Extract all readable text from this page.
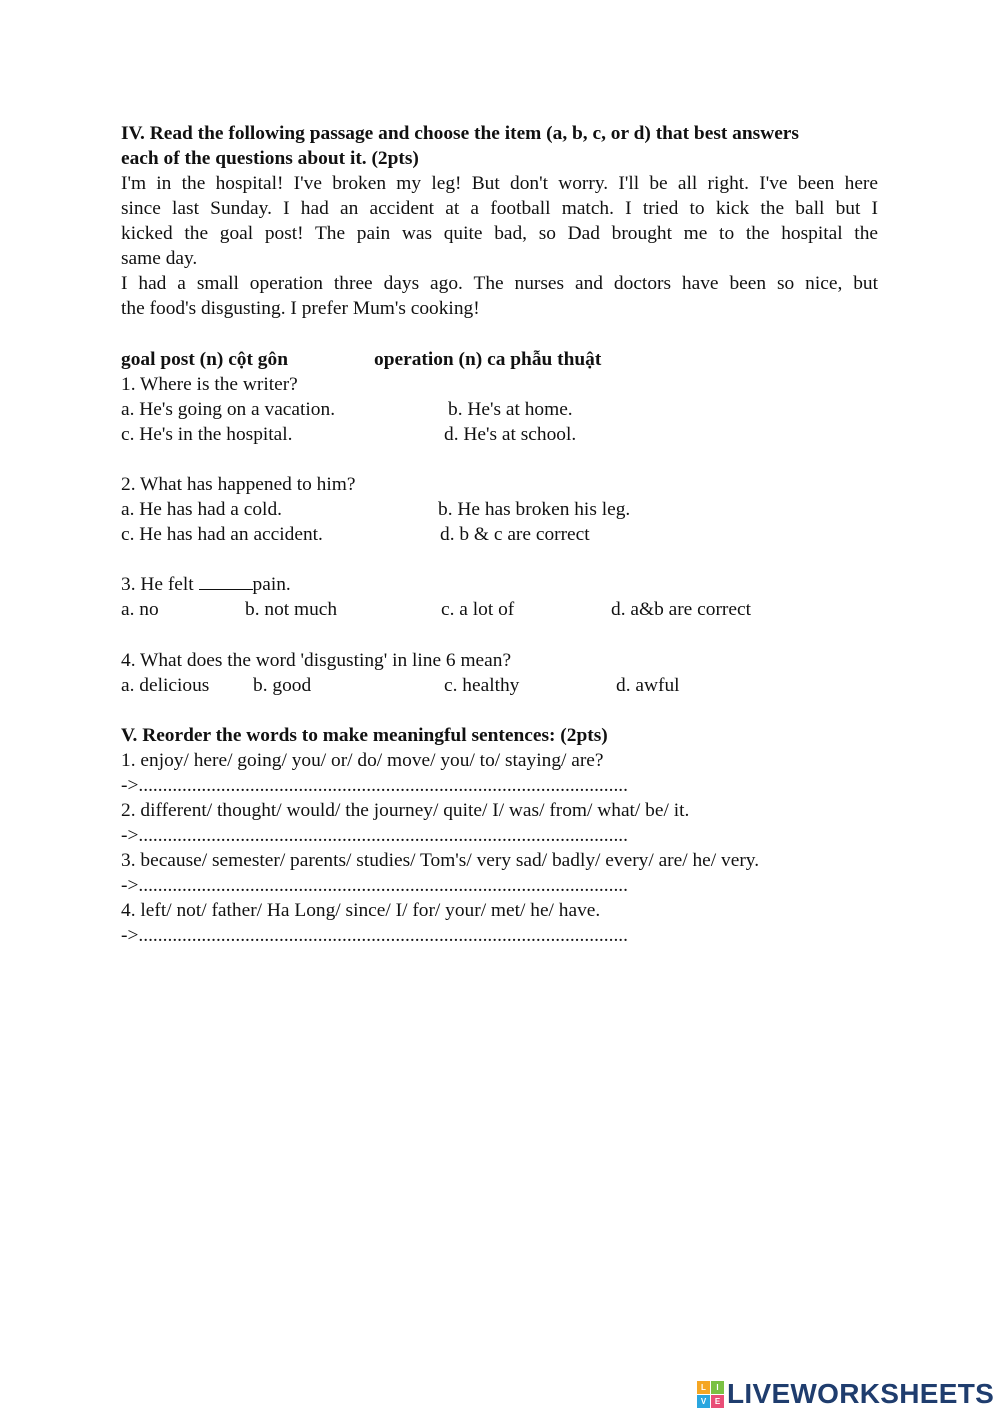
IV. Read the following passage and choose the item (a, b, c, or d) that best answers
each of the questions about it. (2pts)
I'm in the hospital! I've broken my leg! But don't worry. I'll be all right. I've been here
since last Sunday. I had an accident at a football match. I tried to kick the ball but I
kicked the goal post! The pain was quite bad, so Dad brought me to the hospital the
same day.
I had a small operation three days ago. The nurses and doctors have been so nice, but
the food's disgusting. I prefer Mum's cooking!
goal post (n) cột gôn	operation (n) ca phẫu thuật
1. Where is the writer?
a. He's going on a vacation.	b. He's at home.
c. He's in the hospital.	d. He's at school.
2. What has happened to him?
a. He has had a cold.	b. He has broken his leg.
c. He has had an accident.	d. b & c are correct
3. He felt	pain.
a. no	b. not much	c. a lot of	d. a&b are correct
4. What does the word 'disgusting' in line 6 mean?
a. delicious b. good	c. healthy	d. awful
V. Reorder the words to make meaningful sentences: (2pts)
1. enjoy/ here/ going/ you/ or/ do/ move/ you/ to/ staying/ are?
->.....................................................................................................
2. different/ thought/ would/ the journey/ quite/ I/ was/ from/ what/ be/ it.
->.....................................................................................................
3. because/ semester/ parents/ studies/ Tom's/ very sad/ badly/ every/ are/ he/ very.
->.....................................................................................................
4. left/ not/ father/ Ha Long/ since/ I/ for/ your/ met/ he/ have.
->.....................................................................................................
L	I
V	E LIVEWORKSHEETS
